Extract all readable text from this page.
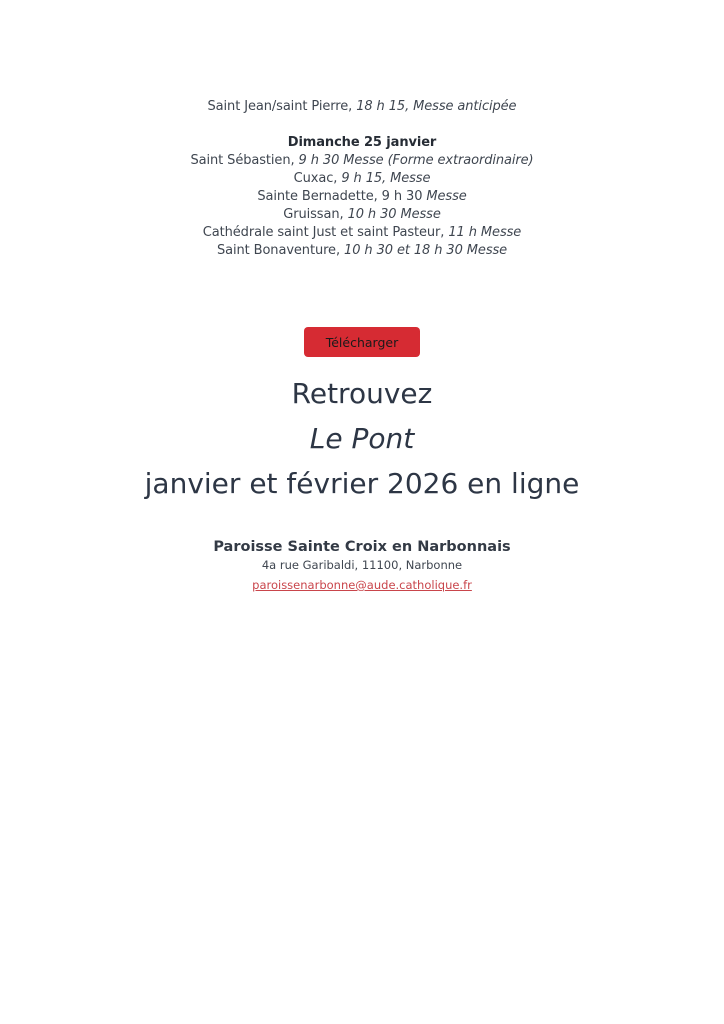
Saint Jean/saint Pierre, 18 h 15, Messe anticipée
Dimanche 25 janvier
Saint Sébastien, 9 h 30 Messe (Forme extraordinaire)
Cuxac, 9 h 15, Messe
Sainte Bernadette, 9 h 30 Messe
Gruissan, 10 h 30 Messe
Cathédrale saint Just et saint Pasteur, 11 h Messe
Saint Bonaventure, 10 h 30 et 18 h 30 Messe
Télécharger
Retrouvez
Le Pont
janvier et février 2026 en ligne
Paroisse Sainte Croix en Narbonnais
4a rue Garibaldi, 11100, Narbonne
paroissenarbonne@aude.catholique.fr
